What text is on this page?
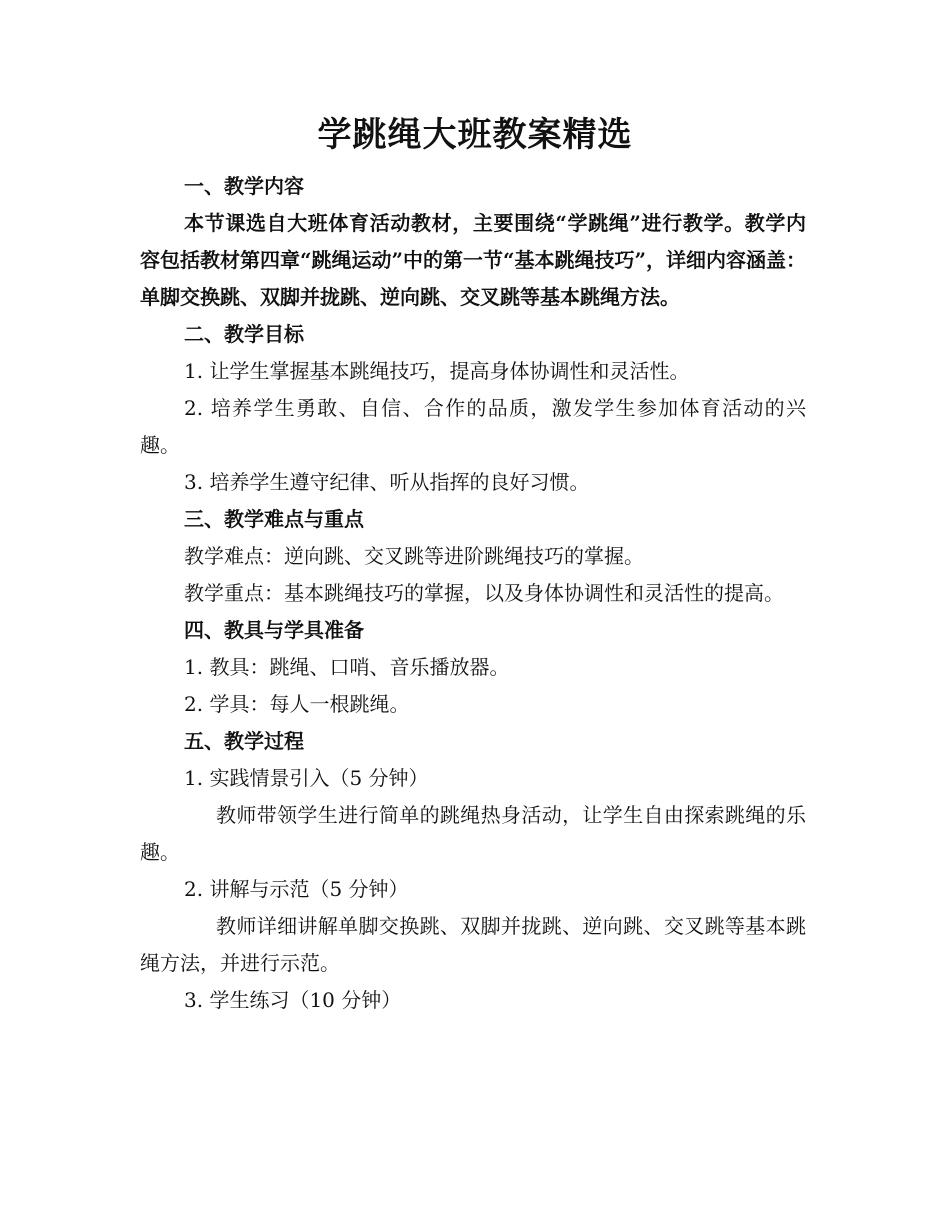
学跳绳大班教案精选

一、教学内容

本节课选自大班体育活动教材，主要围绕“学跳绳”进行教学。教学内容包括教材第四章“跳绳运动”中的第一节“基本跳绳技巧”，详细内容涵盖：单脚交换跳、双脚并拢跳、逆向跳、交叉跳等基本跳绳方法。

二、教学目标

1. 让学生掌握基本跳绳技巧，提高身体协调性和灵活性。

2. 培养学生勇敢、自信、合作的品质，激发学生参加体育活动的兴趣。

3. 培养学生遵守纪律、听从指挥的良好习惯。

三、教学难点与重点

教学难点：逆向跳、交叉跳等进阶跳绳技巧的掌握。

教学重点：基本跳绳技巧的掌握，以及身体协调性和灵活性的提高。

四、教具与学具准备

1. 教具：跳绳、口哨、音乐播放器。

2. 学具：每人一根跳绳。

五、教学过程

1. 实践情景引入（5 分钟）

教师带领学生进行简单的跳绳热身活动，让学生自由探索跳绳的乐趣。

2. 讲解与示范（5 分钟）

教师详细讲解单脚交换跳、双脚并拢跳、逆向跳、交叉跳等基本跳绳方法，并进行示范。

3. 学生练习（10 分钟）
